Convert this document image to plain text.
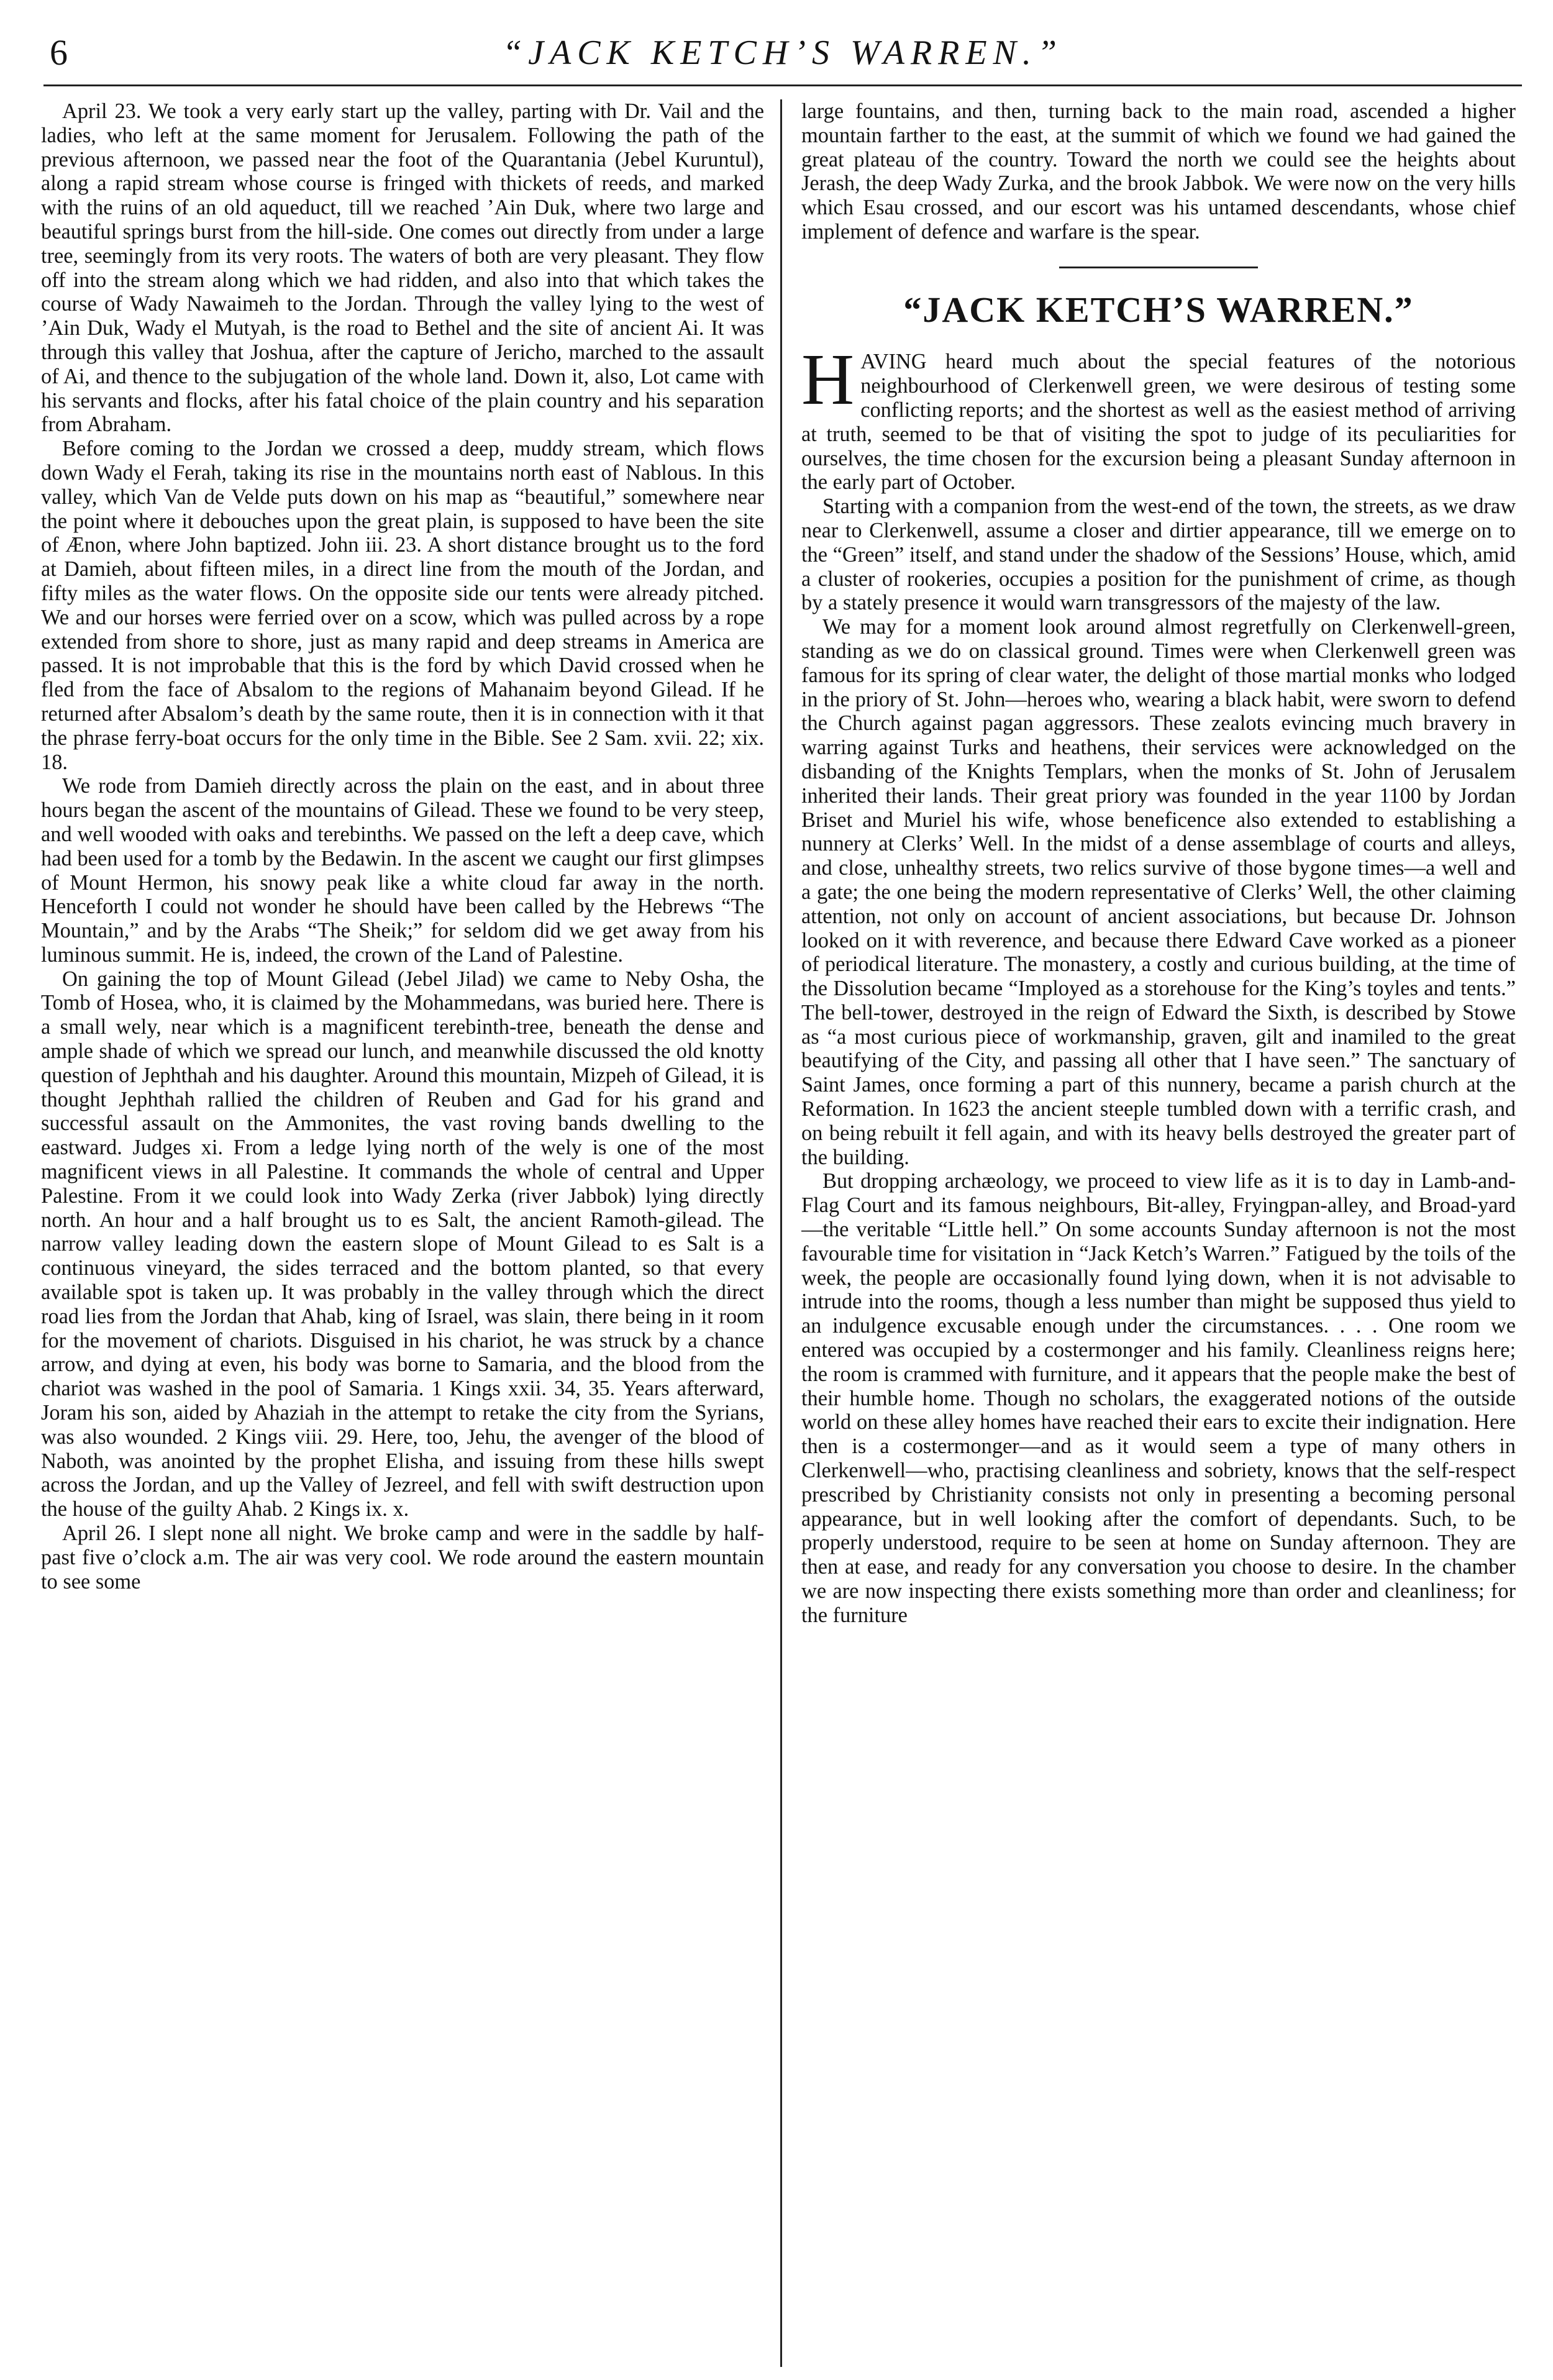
6	“JACK KETCH’S WARREN.”

April 23. We took a very early start up the valley, parting with Dr. Vail and the ladies, who left at the same moment for Jerusalem. Following the path of the previous afternoon, we passed near the foot of the Quarantania (Jebel Kuruntul), along a rapid stream whose course is fringed with thickets of reeds, and marked with the ruins of an old aqueduct, till we reached ’Ain Duk, where two large and beautiful springs burst from the hill-side. One comes out directly from under a large tree, seemingly from its very roots. The waters of both are very pleasant. They flow off into the stream along which we had ridden, and also into that which takes the course of Wady Nawaimeh to the Jordan. Through the valley lying to the west of ’Ain Duk, Wady el Mutyah, is the road to Bethel and the site of ancient Ai. It was through this valley that Joshua, after the capture of Jericho, marched to the assault of Ai, and thence to the subjugation of the whole land. Down it, also, Lot came with his servants and flocks, after his fatal choice of the plain country and his separation from Abraham.

Before coming to the Jordan we crossed a deep, muddy stream, which flows down Wady el Ferah, taking its rise in the mountains north east of Nablous. In this valley, which Van de Velde puts down on his map as “beautiful,” somewhere near the point where it debouches upon the great plain, is supposed to have been the site of Ænon, where John baptized. John iii. 23. A short distance brought us to the ford at Damieh, about fifteen miles, in a direct line from the mouth of the Jordan, and fifty miles as the water flows. On the opposite side our tents were already pitched. We and our horses were ferried over on a scow, which was pulled across by a rope extended from shore to shore, just as many rapid and deep streams in America are passed. It is not improbable that this is the ford by which David crossed when he fled from the face of Absalom to the regions of Mahanaim beyond Gilead. If he returned after Absalom’s death by the same route, then it is in connection with it that the phrase ferry-boat occurs for the only time in the Bible. See 2 Sam. xvii. 22; xix. 18.

We rode from Damieh directly across the plain on the east, and in about three hours began the ascent of the mountains of Gilead. These we found to be very steep, and well wooded with oaks and terebinths. We passed on the left a deep cave, which had been used for a tomb by the Bedawin. In the ascent we caught our first glimpses of Mount Hermon, his snowy peak like a white cloud far away in the north. Henceforth I could not wonder he should have been called by the Hebrews “The Mountain,” and by the Arabs “The Sheik;” for seldom did we get away from his luminous summit. He is, indeed, the crown of the Land of Palestine.

On gaining the top of Mount Gilead (Jebel Jilad) we came to Neby Osha, the Tomb of Hosea, who, it is claimed by the Mohammedans, was buried here. There is a small wely, near which is a magnificent terebinth-tree, beneath the dense and ample shade of which we spread our lunch, and meanwhile discussed the old knotty question of Jephthah and his daughter. Around this mountain, Mizpeh of Gilead, it is thought Jephthah rallied the children of Reuben and Gad for his grand and successful assault on the Ammonites, the vast roving bands dwelling to the eastward. Judges xi. From a ledge lying north of the wely is one of the most magnificent views in all Palestine. It commands the whole of central and Upper Palestine. From it we could look into Wady Zerka (river Jabbok) lying directly north. An hour and a half brought us to es Salt, the ancient Ramoth-gilead. The narrow valley leading down the eastern slope of Mount Gilead to es Salt is a continuous vineyard, the sides terraced and the bottom planted, so that every available spot is taken up. It was probably in the valley through which the direct road lies from the Jordan that Ahab, king of Israel, was slain, there being in it room for the movement of chariots. Disguised in his chariot, he was struck by a chance arrow, and dying at even, his body was borne to Samaria, and the blood from the chariot was washed in the pool of Samaria. 1 Kings xxii. 34, 35. Years afterward, Joram his son, aided by Ahaziah in the attempt to retake the city from the Syrians, was also wounded. 2 Kings viii. 29. Here, too, Jehu, the avenger of the blood of Naboth, was anointed by the prophet Elisha, and issuing from these hills swept across the Jordan, and up the Valley of Jezreel, and fell with swift destruction upon the house of the guilty Ahab. 2 Kings ix. x.

April 26. I slept none all night. We broke camp and were in the saddle by half-past five o’clock a.m. The air was very cool. We rode around the eastern mountain to see some

large fountains, and then, turning back to the main road, ascended a higher mountain farther to the east, at the summit of which we found we had gained the great plateau of the country. Toward the north we could see the heights about Jerash, the deep Wady Zurka, and the brook Jabbok. We were now on the very hills which Esau crossed, and our escort was his untamed descendants, whose chief implement of defence and warfare is the spear.

“JACK KETCH’S WARREN.”

HAVING heard much about the special features of the notorious neighbourhood of Clerkenwell green, we were desirous of testing some conflicting reports; and the shortest as well as the easiest method of arriving at truth, seemed to be that of visiting the spot to judge of its peculiarities for ourselves, the time chosen for the excursion being a pleasant Sunday afternoon in the early part of October.

Starting with a companion from the west-end of the town, the streets, as we draw near to Clerkenwell, assume a closer and dirtier appearance, till we emerge on to the “Green” itself, and stand under the shadow of the Sessions’ House, which, amid a cluster of rookeries, occupies a position for the punishment of crime, as though by a stately presence it would warn transgressors of the majesty of the law.

We may for a moment look around almost regretfully on Clerkenwell-green, standing as we do on classical ground. Times were when Clerkenwell green was famous for its spring of clear water, the delight of those martial monks who lodged in the priory of St. John—heroes who, wearing a black habit, were sworn to defend the Church against pagan aggressors. These zealots evincing much bravery in warring against Turks and heathens, their services were acknowledged on the disbanding of the Knights Templars, when the monks of St. John of Jerusalem inherited their lands. Their great priory was founded in the year 1100 by Jordan Briset and Muriel his wife, whose beneficence also extended to establishing a nunnery at Clerks’ Well. In the midst of a dense assemblage of courts and alleys, and close, unhealthy streets, two relics survive of those bygone times—a well and a gate; the one being the modern representative of Clerks’ Well, the other claiming attention, not only on account of ancient associations, but because Dr. Johnson looked on it with reverence, and because there Edward Cave worked as a pioneer of periodical literature. The monastery, a costly and curious building, at the time of the Dissolution became “Imployed as a storehouse for the King’s toyles and tents.” The bell-tower, destroyed in the reign of Edward the Sixth, is described by Stowe as “a most curious piece of workmanship, graven, gilt and inamiled to the great beautifying of the City, and passing all other that I have seen.” The sanctuary of Saint James, once forming a part of this nunnery, became a parish church at the Reformation. In 1623 the ancient steeple tumbled down with a terrific crash, and on being rebuilt it fell again, and with its heavy bells destroyed the greater part of the building.

But dropping archæology, we proceed to view life as it is to day in Lamb-and-Flag Court and its famous neighbours, Bit-alley, Fryingpan-alley, and Broad-yard—the veritable “Little hell.” On some accounts Sunday afternoon is not the most favourable time for visitation in “Jack Ketch’s Warren.” Fatigued by the toils of the week, the people are occasionally found lying down, when it is not advisable to intrude into the rooms, though a less number than might be supposed thus yield to an indulgence excusable enough under the circumstances. . . . One room we entered was occupied by a costermonger and his family. Cleanliness reigns here; the room is crammed with furniture, and it appears that the people make the best of their humble home. Though no scholars, the exaggerated notions of the outside world on these alley homes have reached their ears to excite their indignation. Here then is a costermonger—and as it would seem a type of many others in Clerkenwell—who, practising cleanliness and sobriety, knows that the self-respect prescribed by Christianity consists not only in presenting a becoming personal appearance, but in well looking after the comfort of dependants. Such, to be properly understood, require to be seen at home on Sunday afternoon. They are then at ease, and ready for any conversation you choose to desire. In the chamber we are now inspecting there exists something more than order and cleanliness; for the furniture
